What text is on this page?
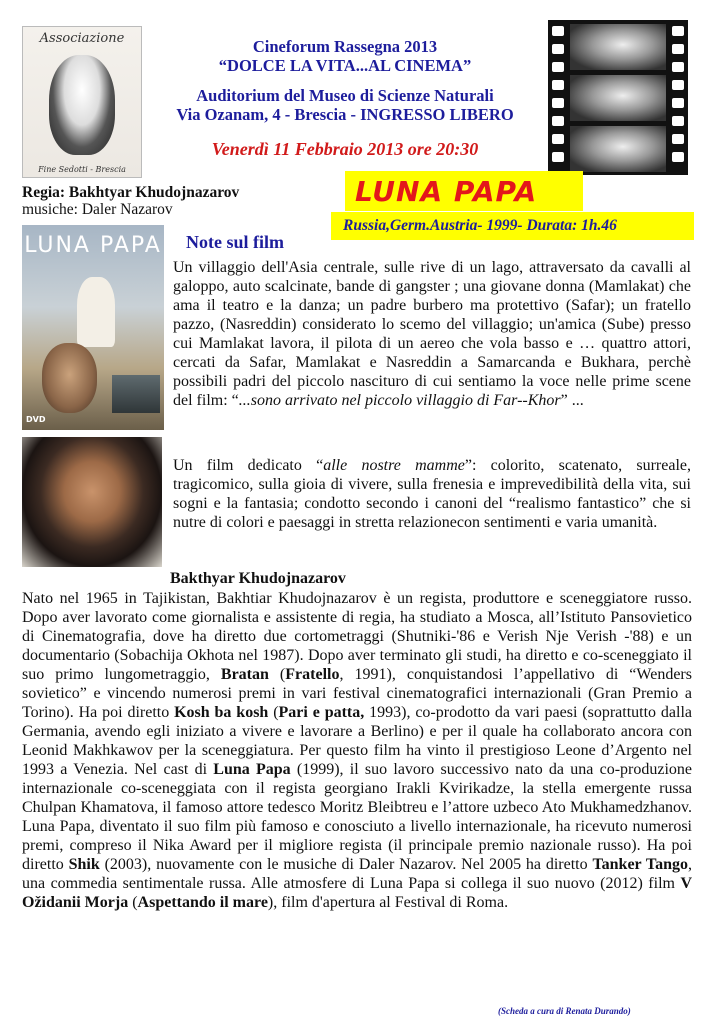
Associazione
Fine Sedotti - Brescia
Cineforum Rassegna 2013
“DOLCE LA VITA...AL CINEMA”
Auditorium del Museo di Scienze Naturali
Via Ozanam, 4 - Brescia - INGRESSO LIBERO
Venerdì 11 Febbraio 2013 ore 20:30
Regia: Bakhtyar Khudojnazarov
musiche: Daler Nazarov
LUNA PAPA
Russia,Germ.Austria- 1999- Durata: 1h.46
LUNA PAPA
DVD
Note sul film
Un villaggio dell'Asia centrale, sulle rive di un lago, attraversato da cavalli al galoppo, auto scalcinate, bande di gangster ; una giovane donna (Mamlakat) che ama il teatro e la danza; un padre burbero ma protettivo (Safar); un fratello pazzo, (Nasreddin) considerato lo scemo del villaggio; un'amica (Sube) presso cui Mamlakat lavora, il pilota di un aereo che vola basso e … quattro attori, cercati da Safar, Mamlakat e Nasreddin a Samarcanda e Bukhara, perchè possibili padri del piccolo nascituro di cui sentiamo la voce nelle prime scene del film: “...sono arrivato nel piccolo villaggio di Far--Khor” ...
Un film dedicato “alle nostre mamme”: colorito, scatenato, surreale, tragicomico, sulla gioia di vivere, sulla frenesia e imprevedibilità della vita, sui sogni e la fantasia; condotto secondo i canoni del “realismo fantastico” che si nutre di colori e paesaggi in stretta relazionecon sentimenti e varia umanità.
Bakthyar Khudojnazarov
Nato nel 1965 in Tajikistan, Bakhtiar Khudojnazarov è un regista, produttore e sceneggiatore russo. Dopo aver lavorato come giornalista e assistente di regia, ha studiato a Mosca, all’Istituto Pansovietico di Cinematografia, dove ha diretto due cortometraggi (Shutniki-'86 e Verish Nje Verish -'88) e un documentario (Sobachija Okhota nel 1987). Dopo aver terminato gli studi, ha diretto e co-sceneggiato il suo primo lungometraggio, Bratan (Fratello, 1991), conquistandosi l’appellativo di “Wenders sovietico” e vincendo numerosi premi in vari festival cinematografici internazionali (Gran Premio a Torino). Ha poi diretto Kosh ba kosh (Pari e patta, 1993), co-prodotto da vari paesi (soprattutto dalla Germania, avendo egli iniziato a vivere e lavorare a Berlino) e per il quale ha collaborato ancora con Leonid Makhkawov per la sceneggiatura. Per questo film ha vinto il prestigioso Leone d’Argento nel 1993 a Venezia. Nel cast di Luna Papa (1999), il suo lavoro successivo nato da una co-produzione internazionale co-sceneggiata con il regista georgiano Irakli Kvirikadze, la stella emergente russa Chulpan Khamatova, il famoso attore tedesco Moritz Bleibtreu e l’attore uzbeco Ato Mukhamedzhanov. Luna Papa, diventato il suo film più famoso e conosciuto a livello internazionale, ha ricevuto numerosi premi, compreso il Nika Award per il migliore regista (il principale premio nazionale russo). Ha poi diretto Shik (2003), nuovamente con le musiche di Daler Nazarov. Nel 2005 ha diretto Tanker Tango, una commedia sentimentale russa. Alle atmosfere di Luna Papa si collega il suo nuovo (2012) film V Ožidanii Morja (Aspettando il mare), film d'apertura al Festival di Roma.
(Scheda a cura di Renata Durando)
